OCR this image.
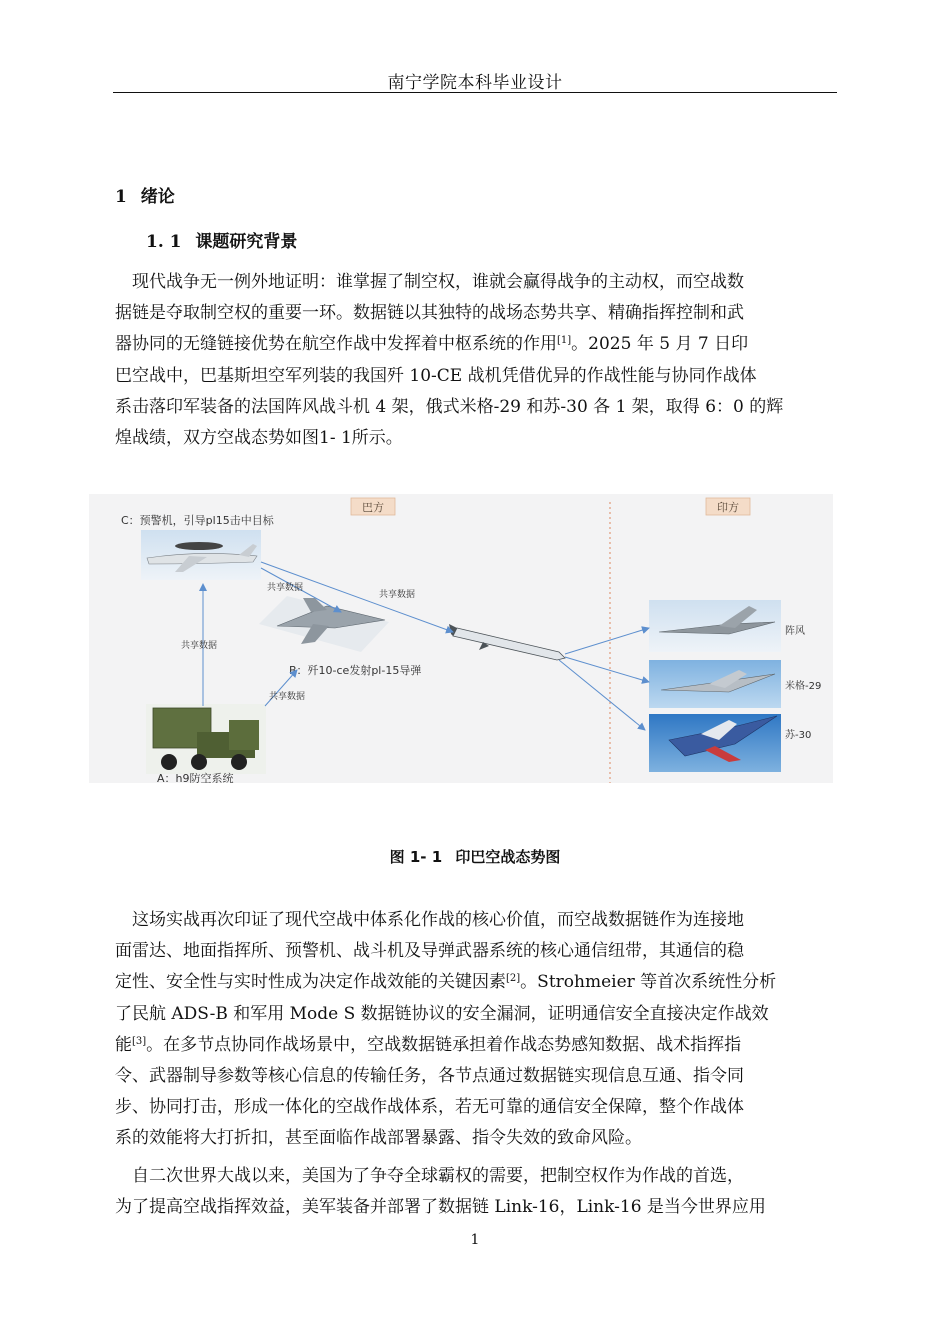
南宁学院本科毕业设计
1 绪论
1. 1 课题研究背景
现代战争无一例外地证明：谁掌握了制空权，谁就会赢得战争的主动权，而空战数
据链是夺取制空权的重要一环。数据链以其独特的战场态势共享、精确指挥控制和武
器协同的无缝链接优势在航空作战中发挥着中枢系统的作用[1]。2025 年 5 月 7 日印
巴空战中，巴基斯坦空军列装的我国歼 10-CE 战机凭借优异的作战性能与协同作战体
系击落印军装备的法国阵风战斗机 4 架，俄式米格-29 和苏-30 各 1 架，取得 6：0 的辉
煌战绩，双方空战态势如图1- 1所示。
巴方	印方
C：预警机，引导pl15击中目标
B：歼10-ce发射pl-15导弹
A：h9防空系统
阵风
米格-29
苏-30
共享数据
共享数据
共享数据
共享数据
图 1- 1 印巴空战态势图
这场实战再次印证了现代空战中体系化作战的核心价值，而空战数据链作为连接地
面雷达、地面指挥所、预警机、战斗机及导弹武器系统的核心通信纽带，其通信的稳
定性、安全性与实时性成为决定作战效能的关键因素[2]。Strohmeier 等首次系统性分析
了民航 ADS-B 和军用 Mode S 数据链协议的安全漏洞，证明通信安全直接决定作战效
能[3]。在多节点协同作战场景中，空战数据链承担着作战态势感知数据、战术指挥指
令、武器制导参数等核心信息的传输任务，各节点通过数据链实现信息互通、指令同
步、协同打击，形成一体化的空战作战体系，若无可靠的通信安全保障，整个作战体
系的效能将大打折扣，甚至面临作战部署暴露、指令失效的致命风险。
自二次世界大战以来，美国为了争夺全球霸权的需要，把制空权作为作战的首选，
为了提高空战指挥效益，美军装备并部署了数据链 Link-16，Link-16 是当今世界应用
1
